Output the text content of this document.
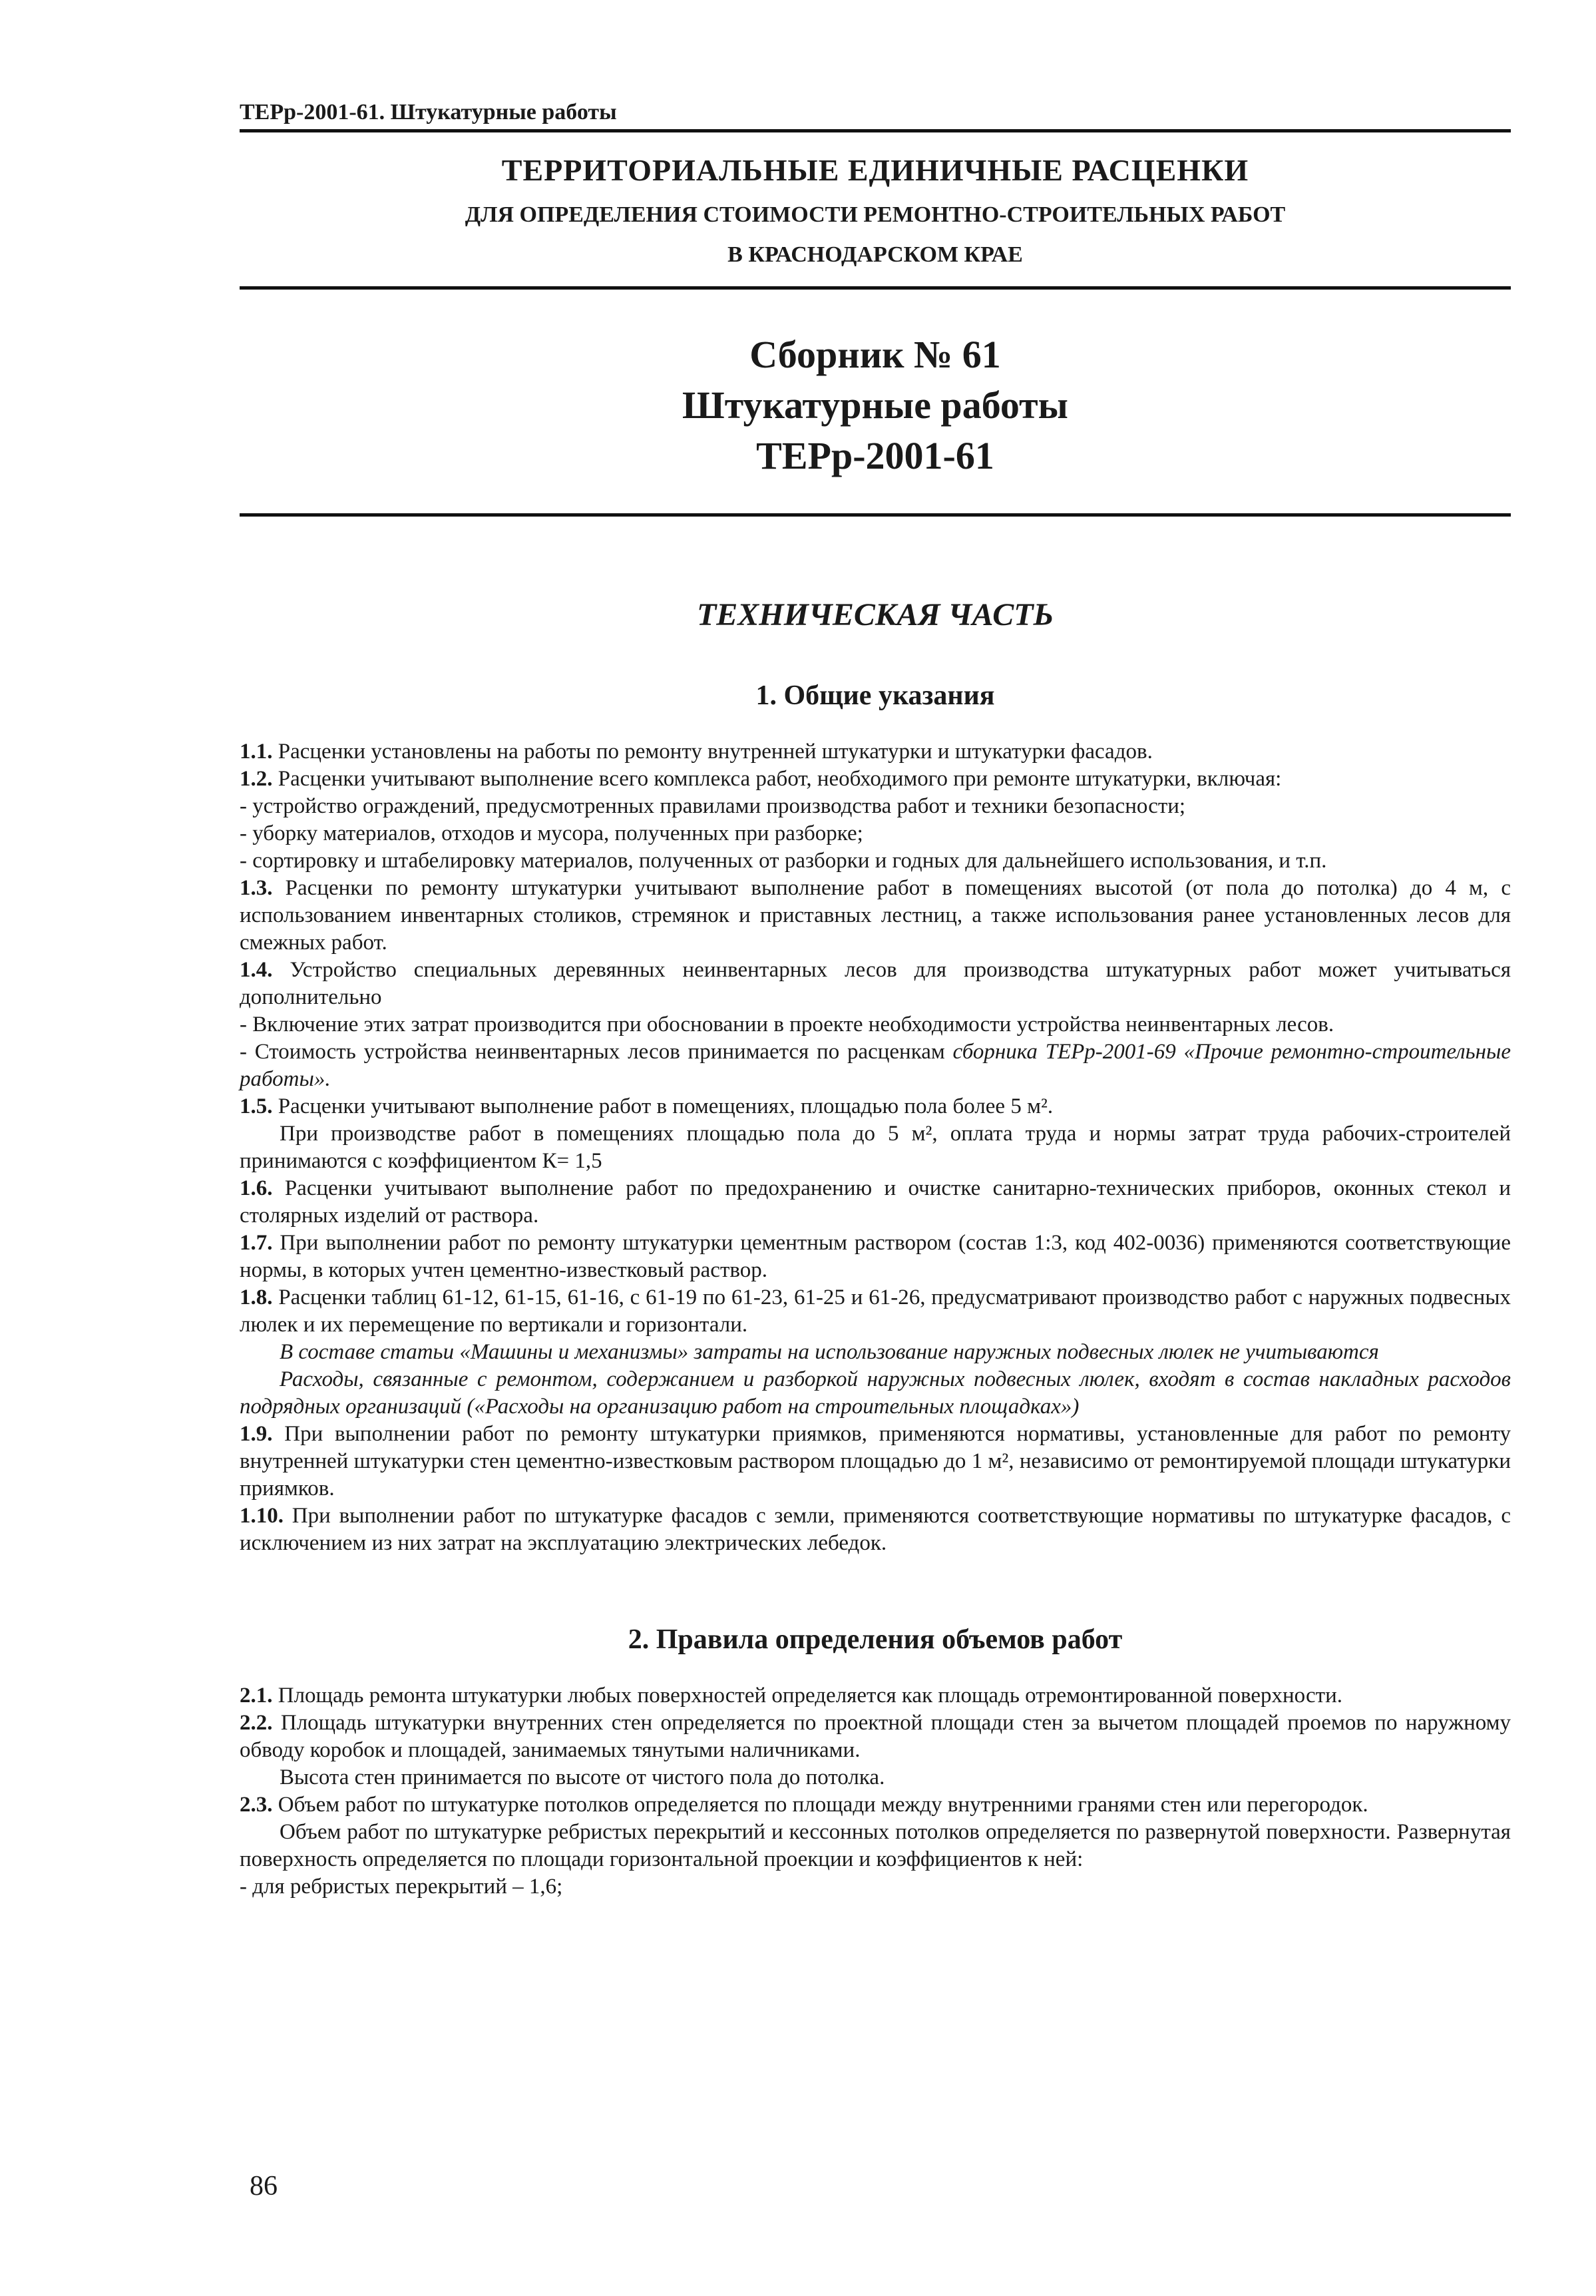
ТЕРр-2001-61. Штукатурные работы
ТЕРРИТОРИАЛЬНЫЕ ЕДИНИЧНЫЕ РАСЦЕНКИ
ДЛЯ ОПРЕДЕЛЕНИЯ СТОИМОСТИ РЕМОНТНО-СТРОИТЕЛЬНЫХ РАБОТ
В КРАСНОДАРСКОМ КРАЕ
Сборник № 61
Штукатурные работы
ТЕРр-2001-61
ТЕХНИЧЕСКАЯ ЧАСТЬ
1. Общие указания

1.1. Расценки установлены на работы по ремонту внутренней штукатурки и штукатурки фасадов.

1.2. Расценки учитывают выполнение всего комплекса работ, необходимого при ремонте штукатурки, включая:

- устройство ограждений, предусмотренных правилами производства работ и техники безопасности;

- уборку материалов, отходов и мусора, полученных при разборке;

- сортировку и штабелировку материалов, полученных от разборки и годных для дальнейшего использования, и т.п.

1.3. Расценки по ремонту штукатурки учитывают выполнение работ в помещениях высотой (от пола до потолка) до 4 м, с использованием инвентарных столиков, стремянок и приставных лестниц, а также использования ранее установленных лесов для смежных работ.

1.4. Устройство специальных деревянных неинвентарных лесов для производства штукатурных работ может учитываться дополнительно

- Включение этих затрат производится при обосновании в проекте необходимости устройства неинвентарных лесов.

- Стоимость устройства неинвентарных лесов принимается по расценкам сборника ТЕРр-2001-69 «Прочие ремонтно-строительные работы».

1.5. Расценки учитывают выполнение работ в помещениях, площадью пола более 5 м².

При производстве работ в помещениях площадью пола до 5 м², оплата труда и нормы затрат труда рабочих-строителей принимаются с коэффициентом К= 1,5

1.6. Расценки учитывают выполнение работ по предохранению и очистке санитарно-технических приборов, оконных стекол и столярных изделий от раствора.

1.7. При выполнении работ по ремонту штукатурки цементным раствором (состав 1:3, код 402-0036) применяются соответствующие нормы, в которых учтен цементно-известковый раствор.

1.8. Расценки таблиц 61-12, 61-15, 61-16, с 61-19 по 61-23, 61-25 и 61-26, предусматривают производство работ с наружных подвесных люлек и их перемещение по вертикали и горизонтали.

В составе статьи «Машины и механизмы» затраты на использование наружных подвесных люлек не учитываются

Расходы, связанные с ремонтом, содержанием и разборкой наружных подвесных люлек, входят в состав накладных расходов подрядных организаций («Расходы на организацию работ на строительных площадках»)

1.9. При выполнении работ по ремонту штукатурки приямков, применяются нормативы, установленные для работ по ремонту внутренней штукатурки стен цементно-известковым раствором площадью до 1 м², независимо от ремонтируемой площади штукатурки приямков.

1.10. При выполнении работ по штукатурке фасадов с земли, применяются соответствующие нормативы по штукатурке фасадов, с исключением из них затрат на эксплуатацию электрических лебедок.

2. Правила определения объемов работ

2.1. Площадь ремонта штукатурки любых поверхностей определяется как площадь отремонтированной поверхности.

2.2. Площадь штукатурки внутренних стен определяется по проектной площади стен за вычетом площадей проемов по наружному обводу коробок и площадей, занимаемых тянутыми наличниками.

Высота стен принимается по высоте от чистого пола до потолка.

2.3. Объем работ по штукатурке потолков определяется по площади между внутренними гранями стен или перегородок.

Объем работ по штукатурке ребристых перекрытий и кессонных потолков определяется по развернутой поверхности. Развернутая поверхность определяется по площади горизонтальной проекции и коэффициентов к ней:

- для ребристых перекрытий – 1,6;

86
